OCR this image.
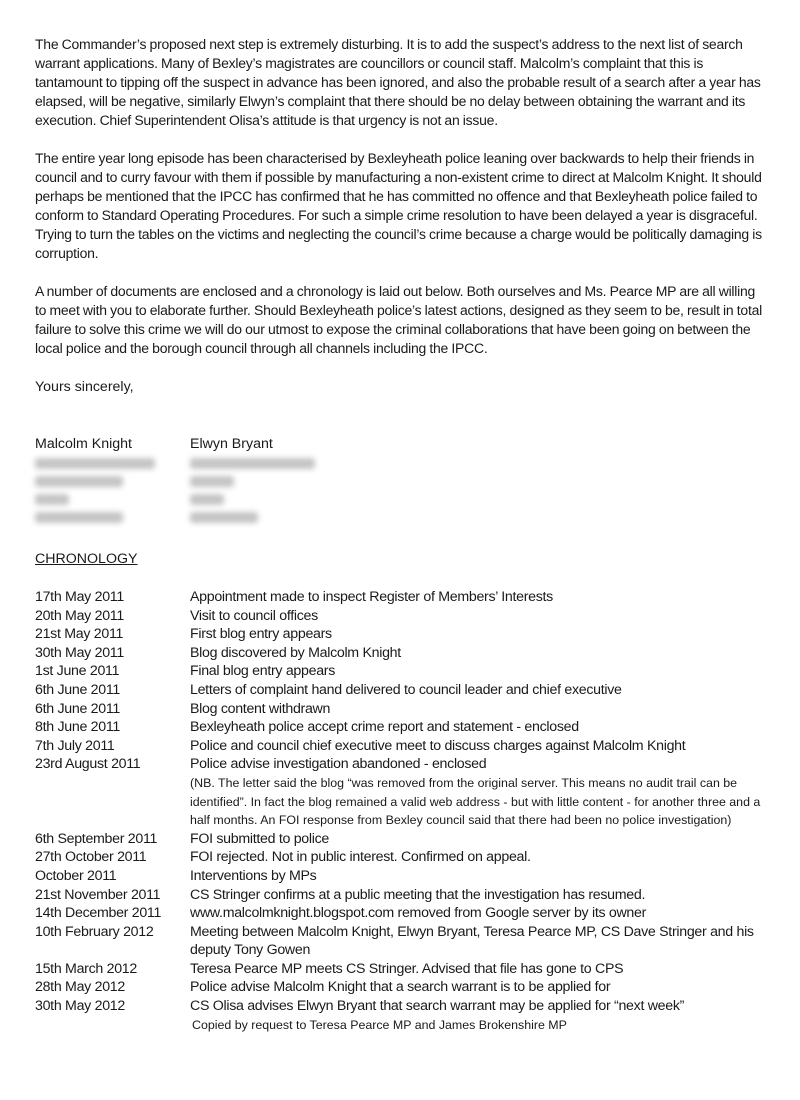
The Commander’s proposed next step is extremely disturbing. It is to add the suspect’s address to the next list of search warrant applications. Many of Bexley’s magistrates are councillors or council staff. Malcolm’s complaint that this is tantamount to tipping off the suspect in advance has been ignored, and also the probable result of a search after a year has elapsed, will be negative, similarly Elwyn’s complaint that there should be no delay between obtaining the warrant and its execution. Chief Superintendent Olisa’s attitude is that urgency is not an issue.

The entire year long episode has been characterised by Bexleyheath police leaning over backwards to help their friends in council and to curry favour with them if possible by manufacturing a non-existent crime to direct at Malcolm Knight. It should perhaps be mentioned that the IPCC has confirmed that he has committed no offence and that Bexleyheath police failed to conform to Standard Operating Procedures. For such a simple crime resolution to have been delayed a year is disgraceful. Trying to turn the tables on the victims and neglecting the council’s crime because a charge would be politically damaging is corruption.

A number of documents are enclosed and a chronology is laid out below. Both ourselves and Ms. Pearce MP are all willing to meet with you to elaborate further. Should Bexleyheath police’s latest actions, designed as they seem to be, result in total failure to solve this crime we will do our utmost to expose the criminal collaborations that have been going on between the local police and the borough council through all channels including the IPCC.

Yours sincerely,

Malcolm Knight	Elwyn Bryant
CHRONOLOGY
17th May 2011	Appointment made to inspect Register of Members’ Interests
20th May 2011	Visit to council offices
21st May 2011	First blog entry appears
30th May 2011	Blog discovered by Malcolm Knight
1st June 2011	Final blog entry appears
6th June 2011	Letters of complaint hand delivered to council leader and chief executive
6th June 2011	Blog content withdrawn
8th June 2011	Bexleyheath police accept crime report and statement - enclosed
7th July 2011	Police and council chief executive meet to discuss charges against Malcolm Knight
23rd August 2011	Police advise investigation abandoned - enclosed
(NB. The letter said the blog “was removed from the original server. This means no audit trail can be identified”. In fact the blog remained a valid web address - but with little content - for another three and a half months. An FOI response from Bexley council said that there had been no police investigation)
6th September 2011	FOI submitted to police
27th October 2011	FOI rejected. Not in public interest. Confirmed on appeal.
October 2011	Interventions by MPs
21st November 2011	CS Stringer confirms at a public meeting that the investigation has resumed.
14th December 2011	www.malcolmknight.blogspot.com removed from Google server by its owner
10th February 2012	Meeting between Malcolm Knight, Elwyn Bryant, Teresa Pearce MP, CS Dave Stringer and his deputy Tony Gowen
15th March 2012	Teresa Pearce MP meets CS Stringer. Advised that file has gone to CPS
28th May 2012	Police advise Malcolm Knight that a search warrant is to be applied for
30th May 2012	CS Olisa advises Elwyn Bryant that search warrant may be applied for “next week”
Copied by request to Teresa Pearce MP and James Brokenshire MP
